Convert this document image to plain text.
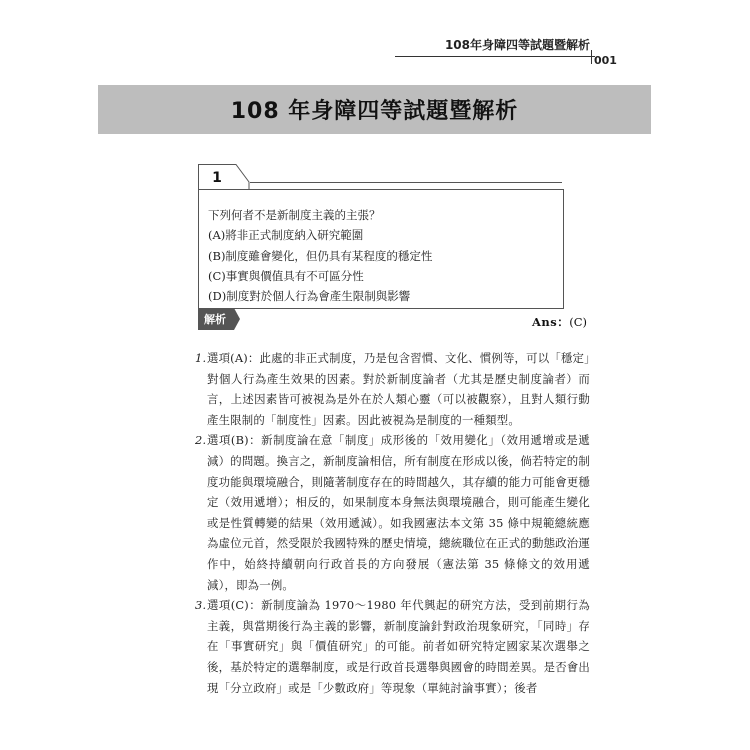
108年身障四等試題暨解析
001
108 年身障四等試題暨解析
1
下列何者不是新制度主義的主張？
(A)將非正式制度納入研究範圍
(B)制度雖會變化，但仍具有某程度的穩定性
(C)事實與價值具有不可區分性
(D)制度對於個人行為會產生限制與影響
解析	Ans：(C)
1. 選項(A)：此處的非正式制度，乃是包含習慣、文化、慣例等，可以「穩定」對個人行為產生效果的因素。對於新制度論者（尤其是歷史制度論者）而言，上述因素皆可被視為是外在於人類心靈（可以被觀察），且對人類行動產生限制的「制度性」因素。因此被視為是制度的一種類型。
2. 選項(B)：新制度論在意「制度」成形後的「效用變化」（效用遞增或是遞減）的問題。換言之，新制度論相信，所有制度在形成以後，倘若特定的制度功能與環境融合，則隨著制度存在的時間越久，其存續的能力可能會更穩定（效用遞增）；相反的，如果制度本身無法與環境融合，則可能產生變化或是性質轉變的結果（效用遞減）。如我國憲法本文第 35 條中規範總統應為虛位元首，然受限於我國特殊的歷史情境，總統職位在正式的動態政治運作中，始終持續朝向行政首長的方向發展（憲法第 35 條條文的效用遞減），即為一例。
3. 選項(C)：新制度論為 1970～1980 年代興起的研究方法，受到前期行為主義，與當期後行為主義的影響，新制度論針對政治現象研究，「同時」存在「事實研究」與「價值研究」的可能。前者如研究特定國家某次選舉之後，基於特定的選舉制度，或是行政首長選舉與國會的時間差異。是否會出現「分立政府」或是「少數政府」等現象（單純討論事實）；後者
